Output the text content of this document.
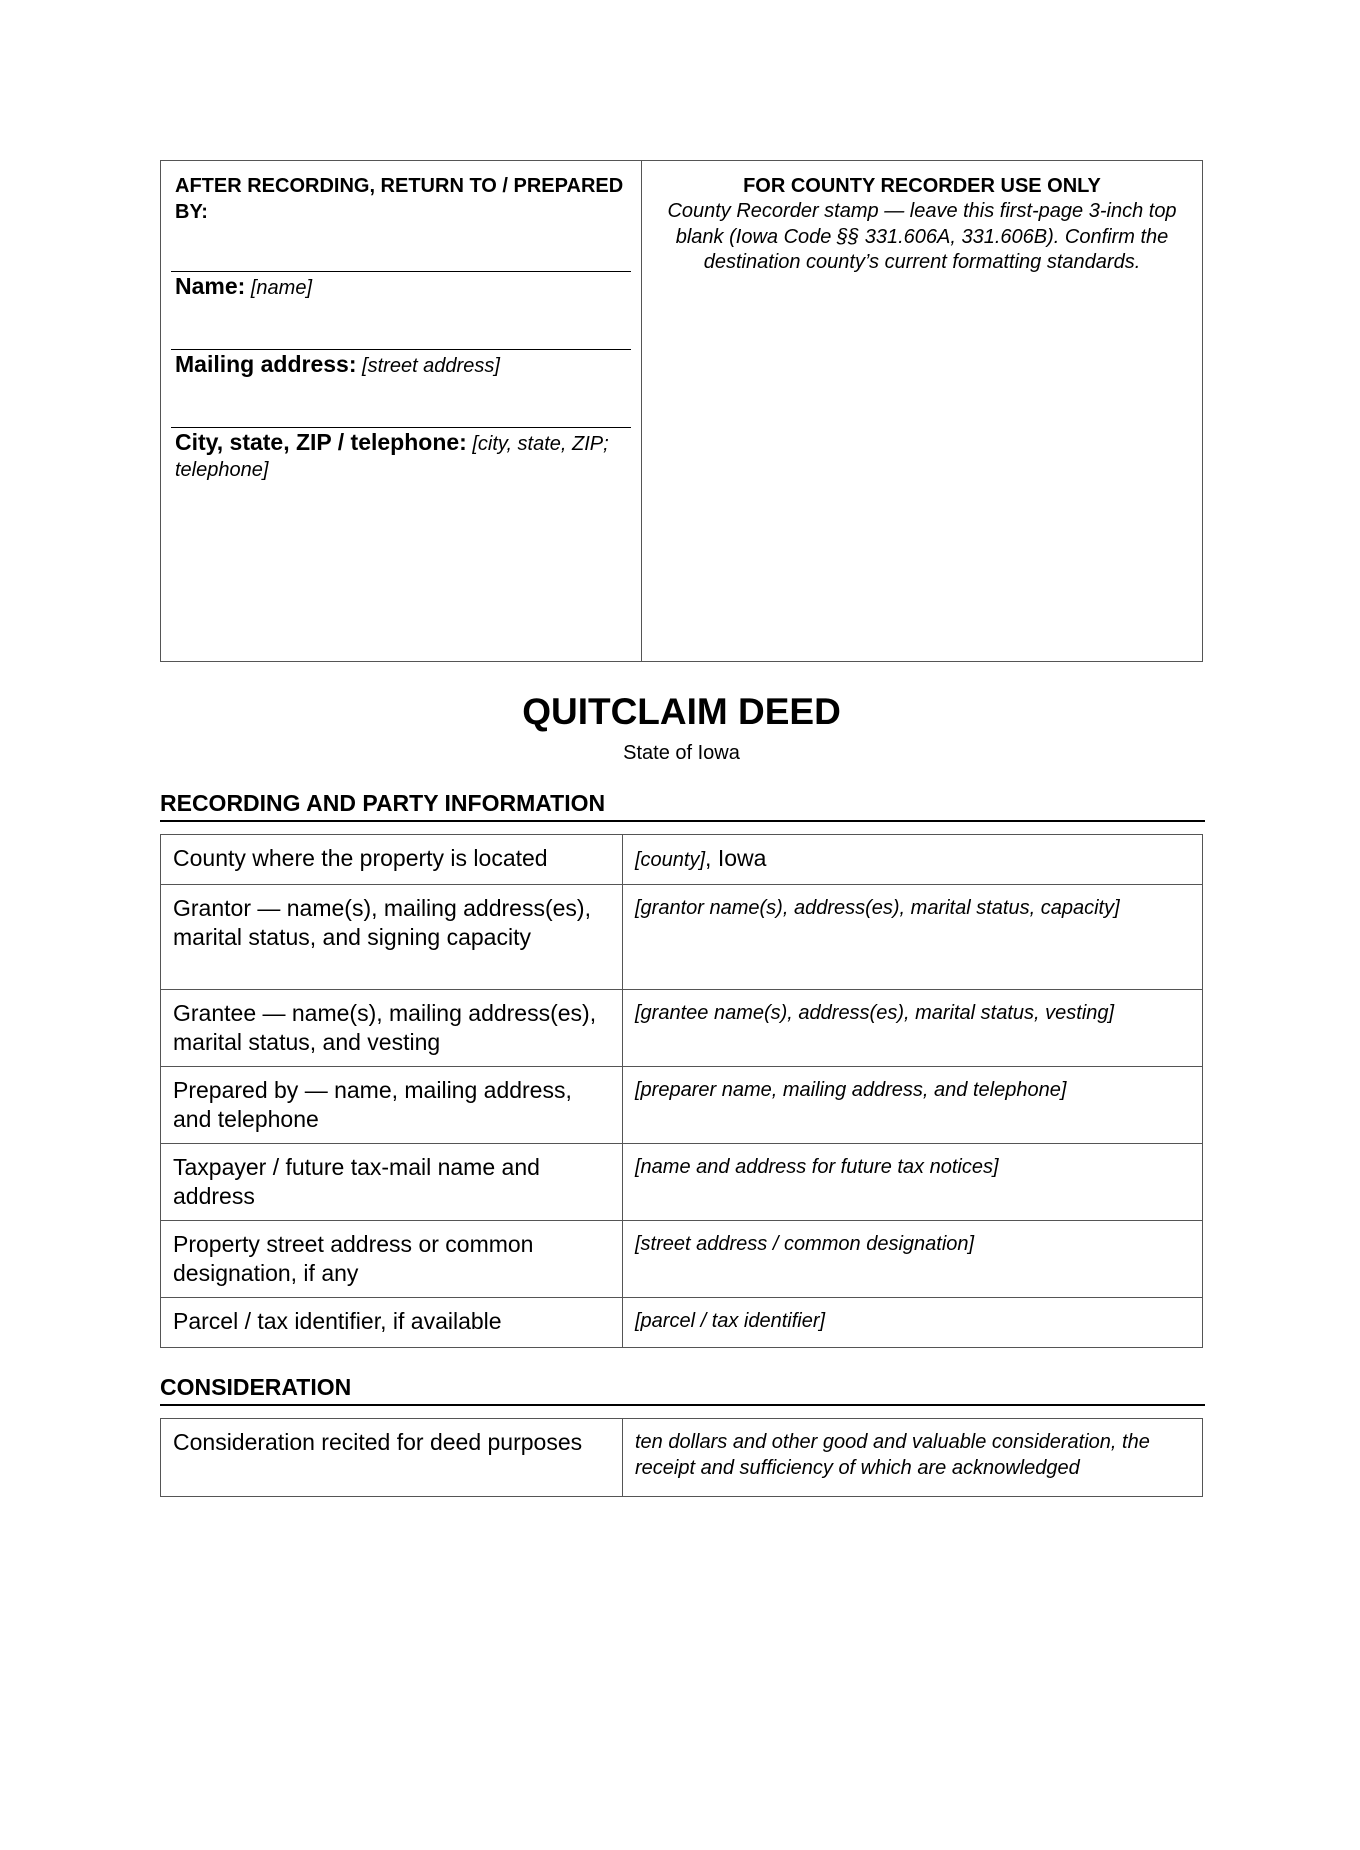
AFTER RECORDING, RETURN TO / PREPARED BY:
Name: [name]
Mailing address: [street address]
City, state, ZIP / telephone: [city, state, ZIP; telephone]
FOR COUNTY RECORDER USE ONLY
County Recorder stamp — leave this first-page 3-inch top blank (Iowa Code §§ 331.606A, 331.606B). Confirm the destination county’s current formatting standards.
QUITCLAIM DEED
State of Iowa
RECORDING AND PARTY INFORMATION
County where the property is located	[county], Iowa
Grantor — name(s), mailing address(es), marital status, and signing capacity	[grantor name(s), address(es), marital status, capacity]
Grantee — name(s), mailing address(es), marital status, and vesting	[grantee name(s), address(es), marital status, vesting]
Prepared by — name, mailing address, and telephone	[preparer name, mailing address, and telephone]
Taxpayer / future tax-mail name and address	[name and address for future tax notices]
Property street address or common designation, if any	[street address / common designation]
Parcel / tax identifier, if available	[parcel / tax identifier]
CONSIDERATION
Consideration recited for deed purposes	ten dollars and other good and valuable consideration, the receipt and sufficiency of which are acknowledged
